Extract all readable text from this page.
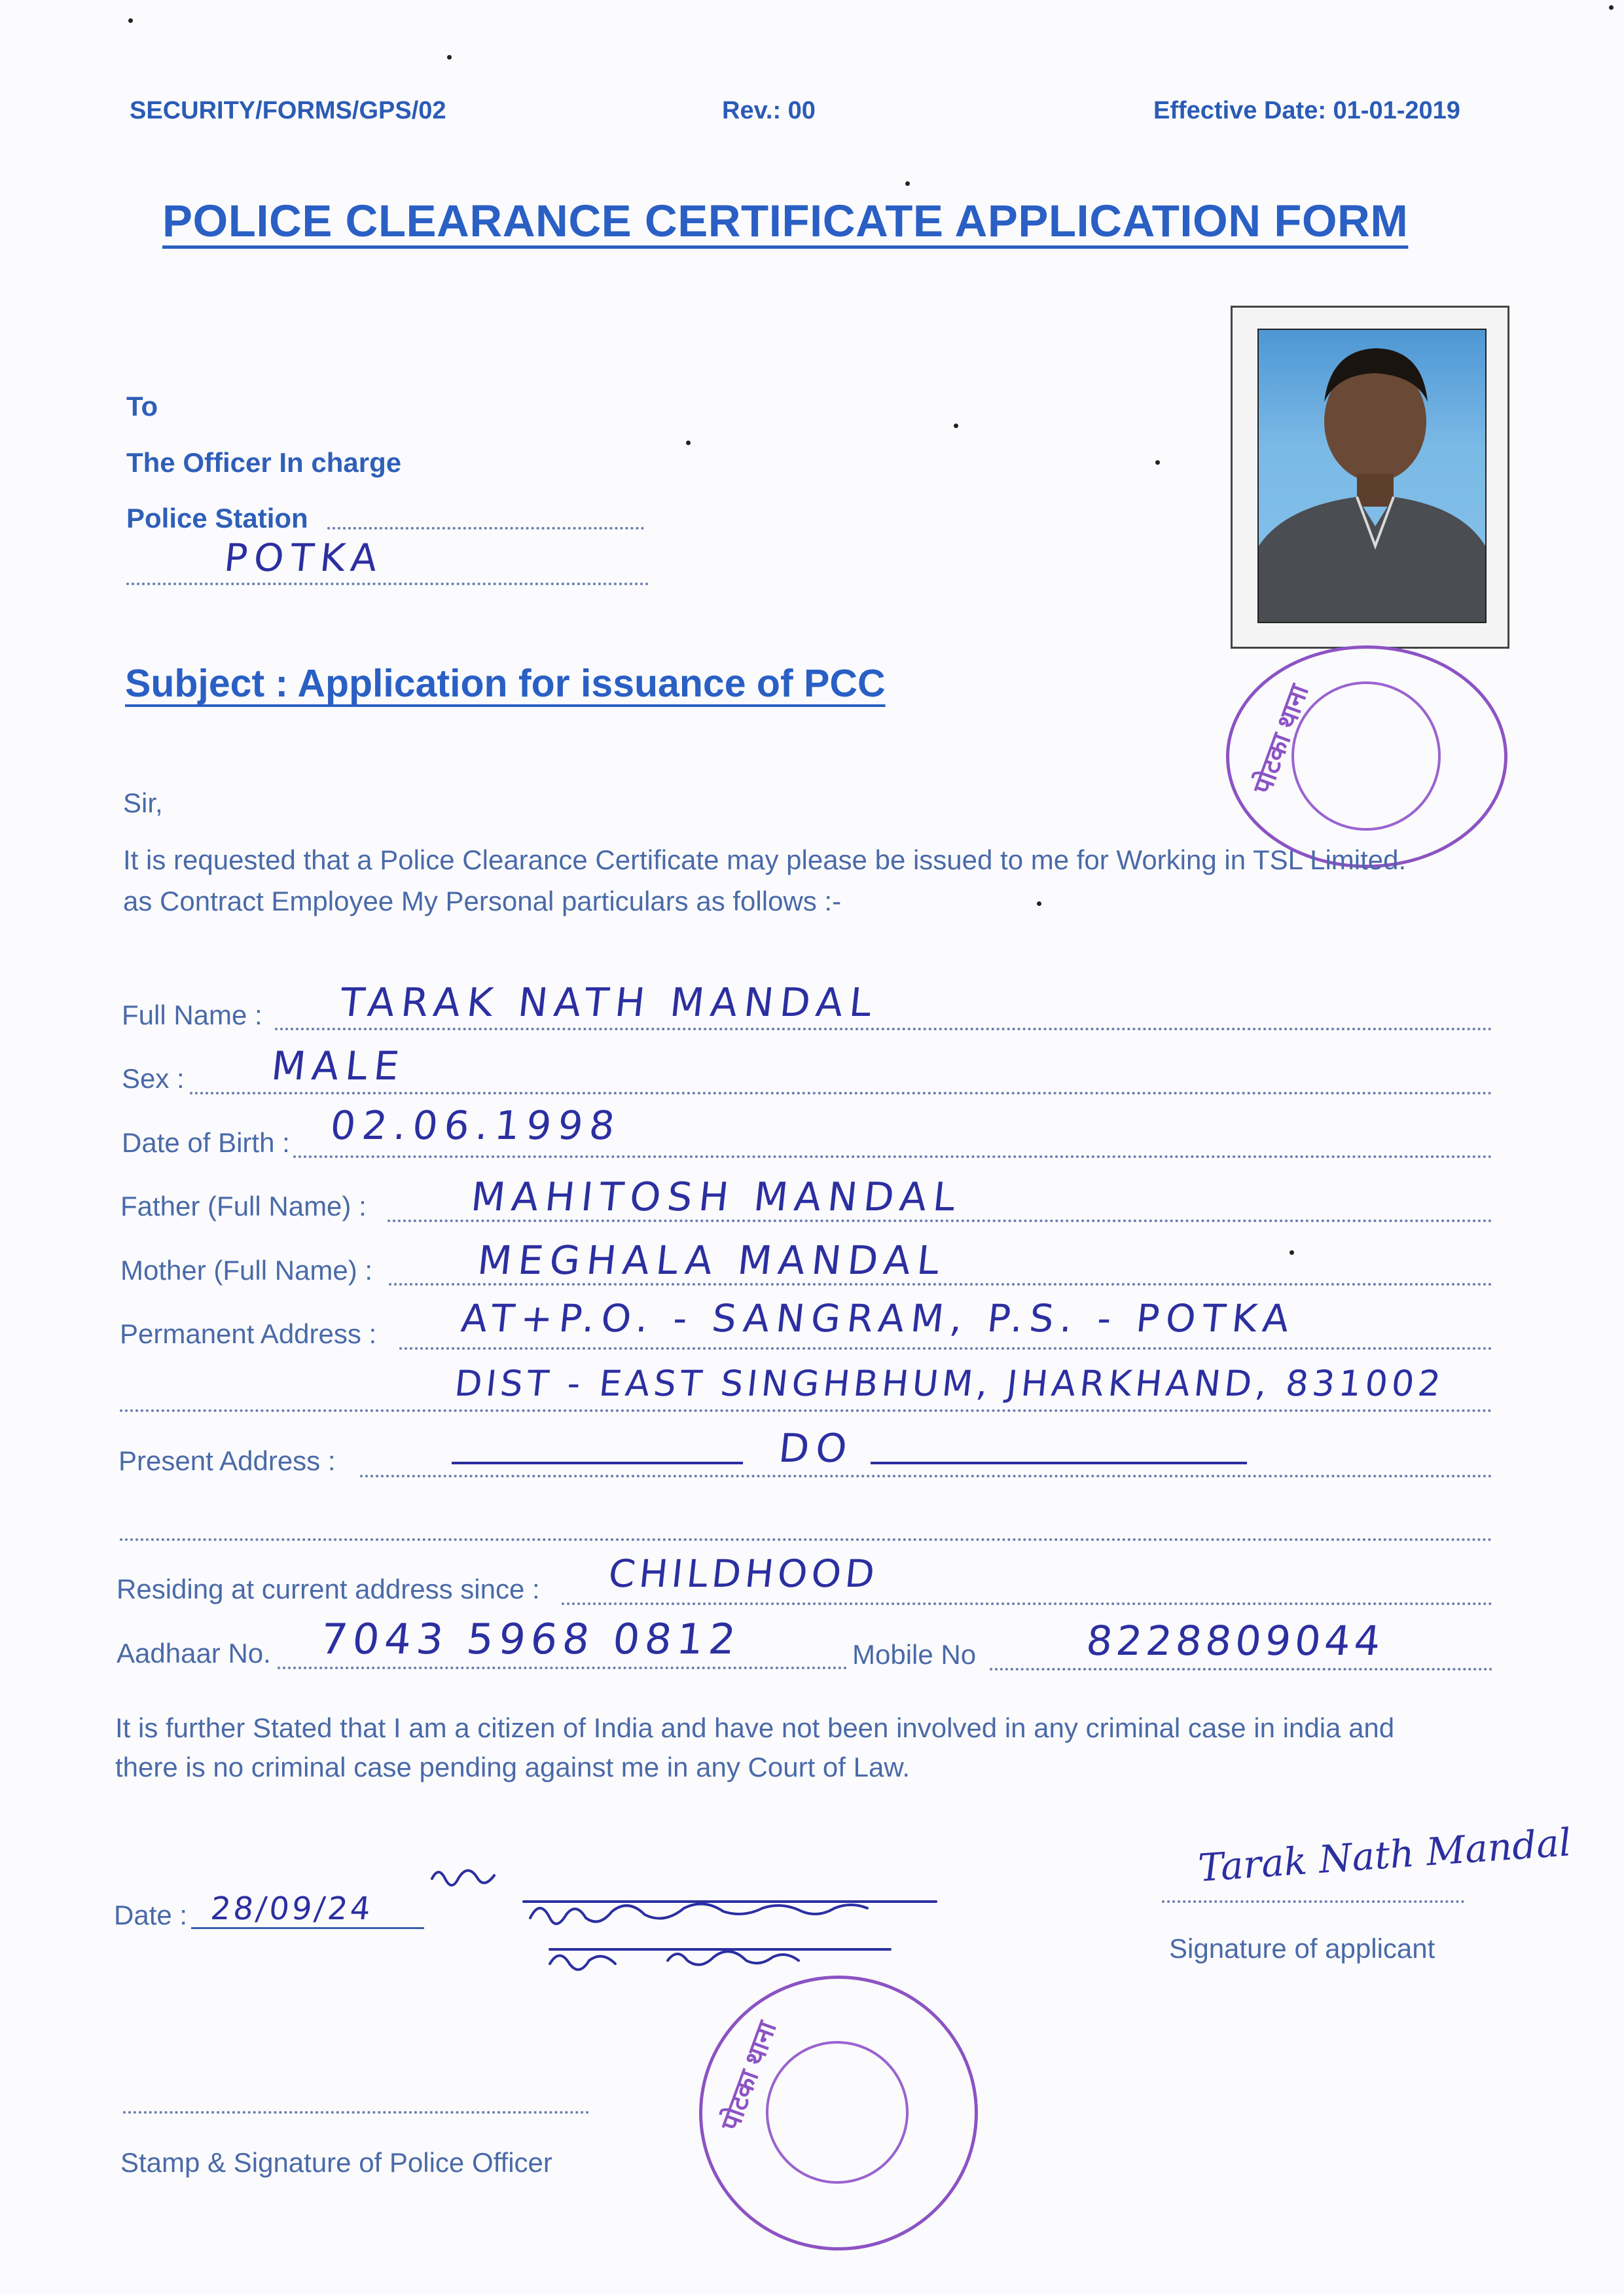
SECURITY/FORMS/GPS/02	Rev.: 00	Effective Date: 01-01-2019
POLICE CLEARANCE CERTIFICATE APPLICATION FORM
To
The Officer In charge
Police Station
POTKA
पोटका थाना
Subject : Application for issuance of PCC
Sir,
It is requested that a Police Clearance Certificate may please be issued to me for Working in TSL Limited.
as Contract Employee My Personal particulars as follows :-
Full Name : TARAK NATH MANDAL
Sex : MALE
Date of Birth : 02.06.1998
Father (Full Name) :	MAHITOSH MANDAL
Mother (Full Name) :	MEGHALA MANDAL
Permanent Address : AT+P.O. - SANGRAM, P.S. - POTKA
DIST - EAST SINGHBHUM, JHARKHAND, 831002
Present Address :	DO
Residing at current address since : CHILDHOOD
Aadhaar No. 7043 5968 0812	Mobile No	8228809044
It is further Stated that I am a citizen of India and have not been involved in any criminal case in india and
there is no criminal case pending against me in any Court of Law.
Date : 28/09/24
Tarak Nath Mandal
Signature of applicant
Stamp & Signature of Police Officer
पोटका थाना
